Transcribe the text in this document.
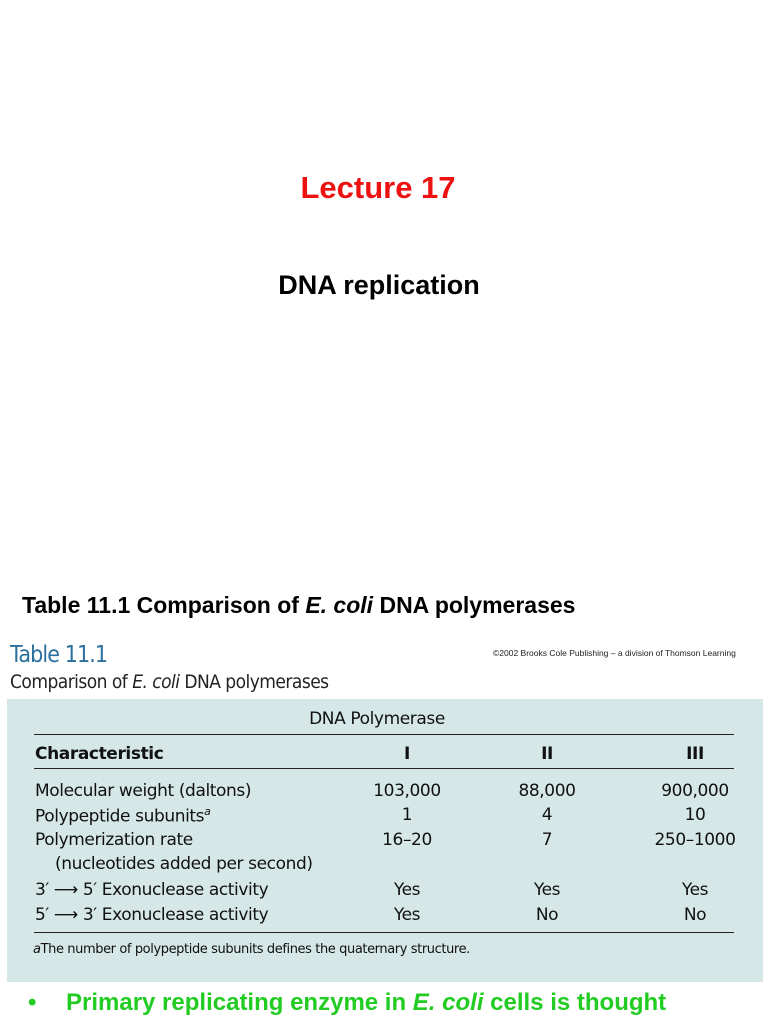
Lecture 17
DNA replication
Table 11.1 Comparison of E. coli DNA polymerases
Table 11.1
Comparison of E. coli DNA polymerases
©2002 Brooks Cole Publishing – a division of Thomson Learning
DNA Polymerase
Characteristic	I	II	III
Molecular weight (daltons)	103,000	88,000	900,000
Polypeptide subunits$^a$	1	4	10
Polymerization rate	16–20	7	250–1000
(nucleotides added per second)
3′ ⟶ 5′ Exonuclease activity	Yes	Yes	Yes
5′ ⟶ 3′ Exonuclease activity	Yes	No	No
aThe number of polypeptide subunits defines the quaternary structure.
• Primary replicating enzyme in E. coli cells is thought
